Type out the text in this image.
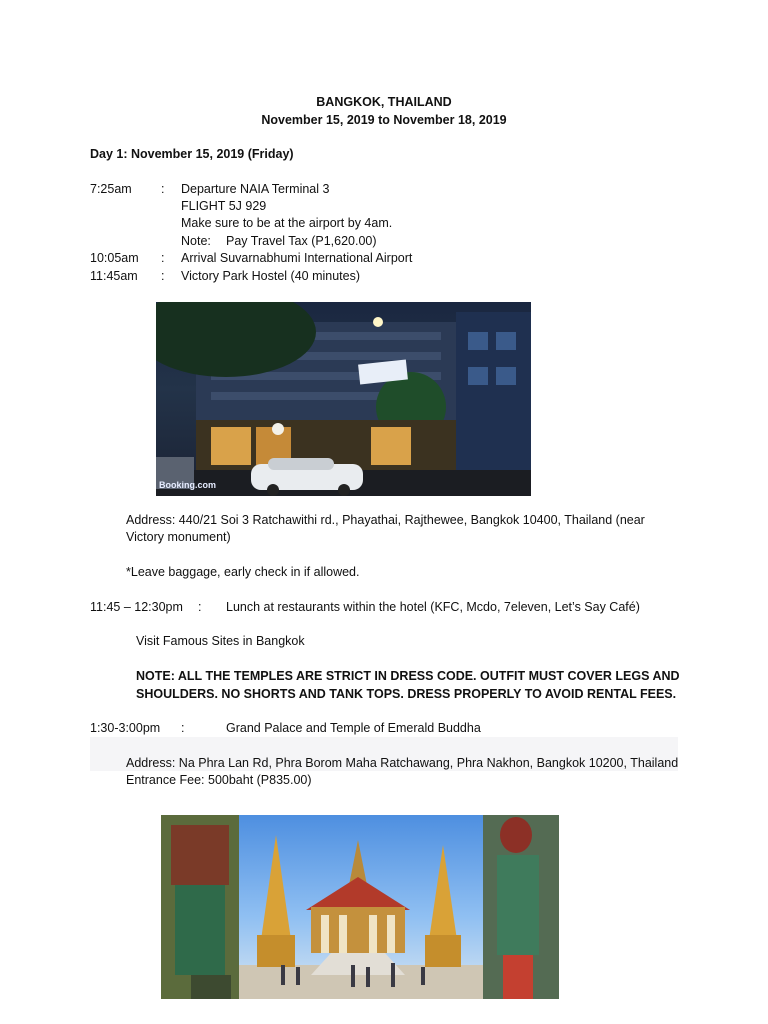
BANGKOK, THAILAND
November 15, 2019 to November 18, 2019
Day 1: November 15, 2019 (Friday)
7:25am : Departure NAIA Terminal 3
FLIGHT 5J 929
Make sure to be at the airport by 4am.
Note: Pay Travel Tax (P1,620.00)
10:05am : Arrival Suvarnabhumi International Airport
11:45am : Victory Park Hostel (40 minutes)
Booking.com
Address: 440/21 Soi 3 Ratchawithi rd., Phayathai, Rajthewee, Bangkok 10400, Thailand (near
Victory monument)
*Leave baggage, early check in if allowed.
11:45 – 12:30pm : Lunch at restaurants within the hotel (KFC, Mcdo, 7eleven, Let’s Say Café)
Visit Famous Sites in Bangkok
NOTE: ALL THE TEMPLES ARE STRICT IN DRESS CODE. OUTFIT MUST COVER LEGS AND
SHOULDERS. NO SHORTS AND TANK TOPS. DRESS PROPERLY TO AVOID RENTAL FEES.
1:30-3:00pm :	Grand Palace and Temple of Emerald Buddha
Address: Na Phra Lan Rd, Phra Borom Maha Ratchawang, Phra Nakhon, Bangkok 10200, Thailand
Entrance Fee: 500baht (P835.00)
